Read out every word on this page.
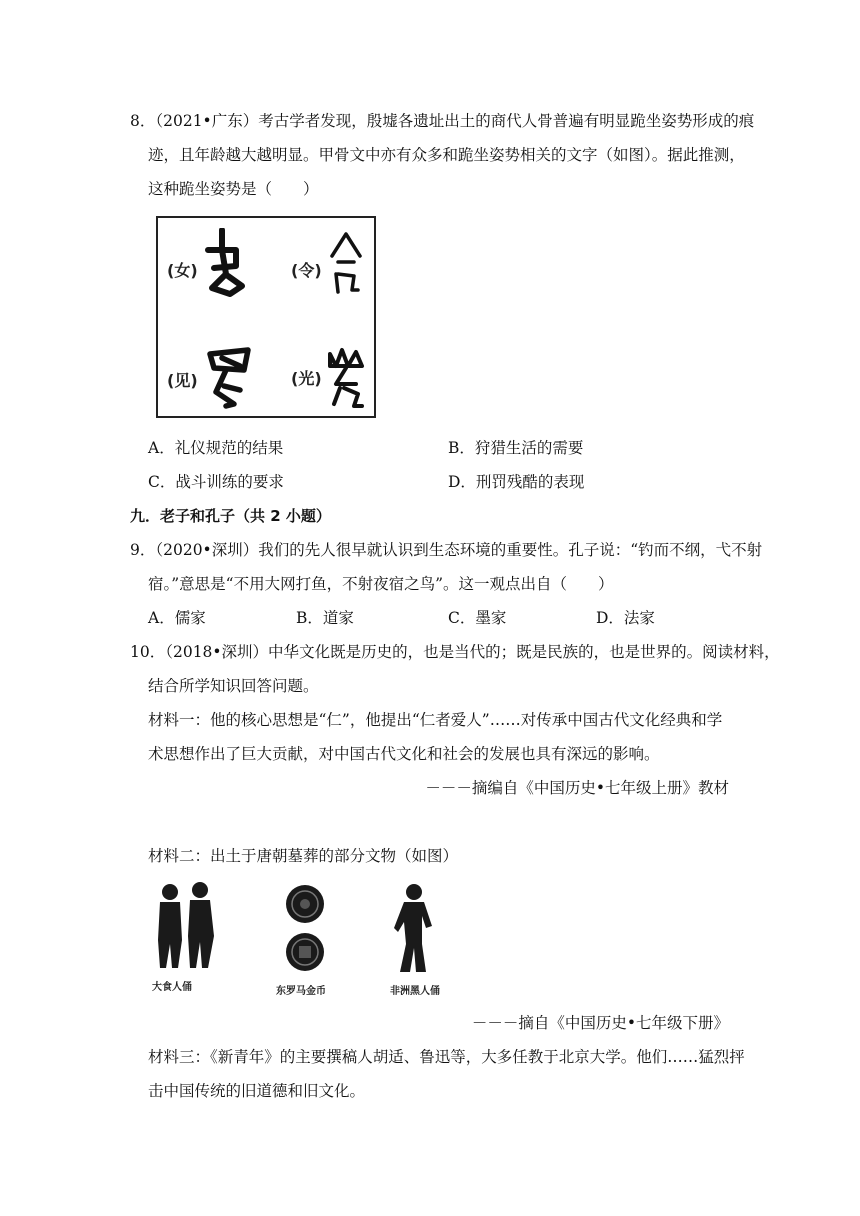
8．（2021•广东）考古学者发现，殷墟各遗址出土的商代人骨普遍有明显跪坐姿势形成的痕
迹，且年龄越大越明显。甲骨文中亦有众多和跪坐姿势相关的文字（如图）。据此推测，
这种跪坐姿势是（　　）
(女)	(令)
(见)	(光)
A．礼仪规范的结果	B．狩猎生活的需要
C．战斗训练的要求	D．刑罚残酷的表现
九．老子和孔子（共 2 小题）
9．（2020•深圳）我们的先人很早就认识到生态环境的重要性。孔子说：“钓而不纲，弋不射
宿。”意思是“不用大网打鱼，不射夜宿之鸟”。这一观点出自（　　）
A．儒家	B．道家	C．墨家	D．法家
10．（2018•深圳）中华文化既是历史的，也是当代的；既是民族的，也是世界的。阅读材料，
结合所学知识回答问题。
材料一：他的核心思想是“仁”，他提出“仁者爱人”……对传承中国古代文化经典和学
术思想作出了巨大贡献，对中国古代文化和社会的发展也具有深远的影响。
－－－摘编自《中国历史•七年级上册》教材
材料二：出土于唐朝墓葬的部分文物（如图）
大食人俑	东罗马金币	非洲黑人俑
－－－摘自《中国历史•七年级下册》
材料三：《新青年》的主要撰稿人胡适、鲁迅等，大多任教于北京大学。他们……猛烈抨
击中国传统的旧道德和旧文化。
